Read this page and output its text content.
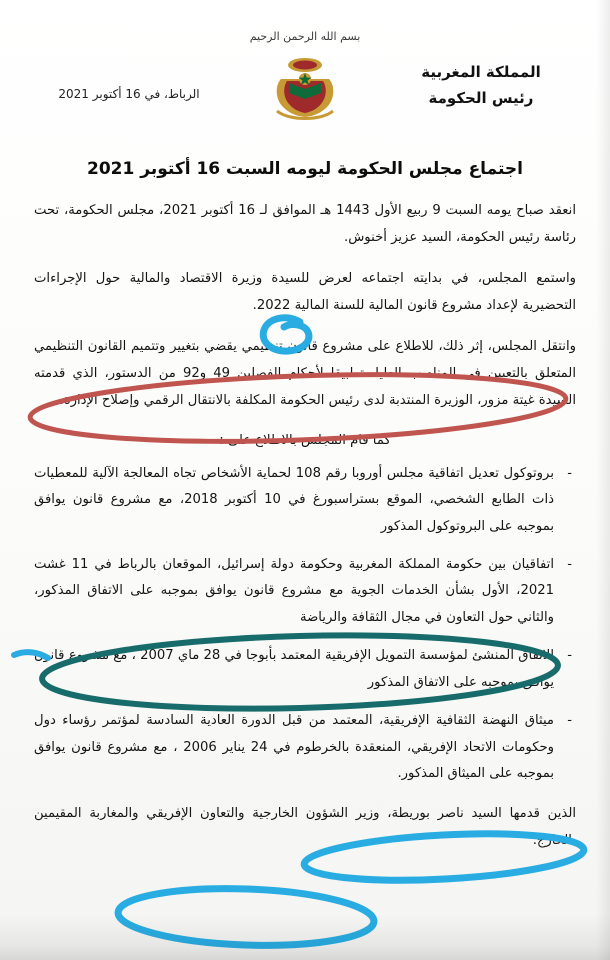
بسم الله الرحمن الرحيم
المملكة المغربية
رئيس الحكومة
الرباط، في 16 أكتوبر 2021
اجتماع مجلس الحكومة ليومه السبت 16 أكتوبر 2021

انعقد صباح يومه السبت 9 ربيع الأول 1443 هـ الموافق لـ 16 أكتوبر 2021، مجلس الحكومة، تحت رئاسة رئيس الحكومة، السيد عزيز أخنوش.

واستمع المجلس، في بدايته اجتماعه لعرض للسيدة وزيرة الاقتصاد والمالية حول الإجراءات التحضيرية لإعداد مشروع قانون المالية للسنة المالية 2022.

وانتقل المجلس، إثر ذلك، للاطلاع على مشروع قانون تنظيمي يقضي بتغيير وتتميم القانون التنظيمي المتعلق بالتعيين في المناصب العليا، تطبيقا لأحكام الفصلين 49 و92 من الدستور، الذي قدمته السيدة غيتة مزور، الوزيرة المنتدبة لدى رئيس الحكومة المكلفة بالانتقال الرقمي وإصلاح الإدارة.

كما قام المجلس بالاطلاع على :
- بروتوكول تعديل اتفاقية مجلس أوروبا رقم 108 لحماية الأشخاص تجاه المعالجة الآلية للمعطيات ذات الطابع الشخصي، الموقع بستراسبورغ في 10 أكتوبر 2018، مع مشروع قانون يوافق بموجبه على البروتوكول المذكور
- اتفاقيان بين حكومة المملكة المغربية وحكومة دولة إسرائيل، الموقعان بالرباط في 11 غشت 2021، الأول بشأن الخدمات الجوية مع مشروع قانون يوافق بموجبه على الاتفاق المذكور، والثاني حول التعاون في مجال الثقافة والرياضة
- الاتفاق المنشئ لمؤسسة التمويل الإفريقية المعتمد بأبوجا في 28 ماي 2007 ، مع مشروع قانون يوافق بموجبه على الاتفاق المذكور
- ميثاق النهضة الثقافية الإفريقية، المعتمد من قبل الدورة العادية السادسة لمؤتمر رؤساء دول وحكومات الاتحاد الإفريقي، المنعقدة بالخرطوم في 24 يناير 2006 ، مع مشروع قانون يوافق بموجبه على الميثاق المذكور.

الذين قدمها السيد ناصر بوريطة، وزير الشؤون الخارجية والتعاون الإفريقي والمغاربة المقيمين بالخارج.
